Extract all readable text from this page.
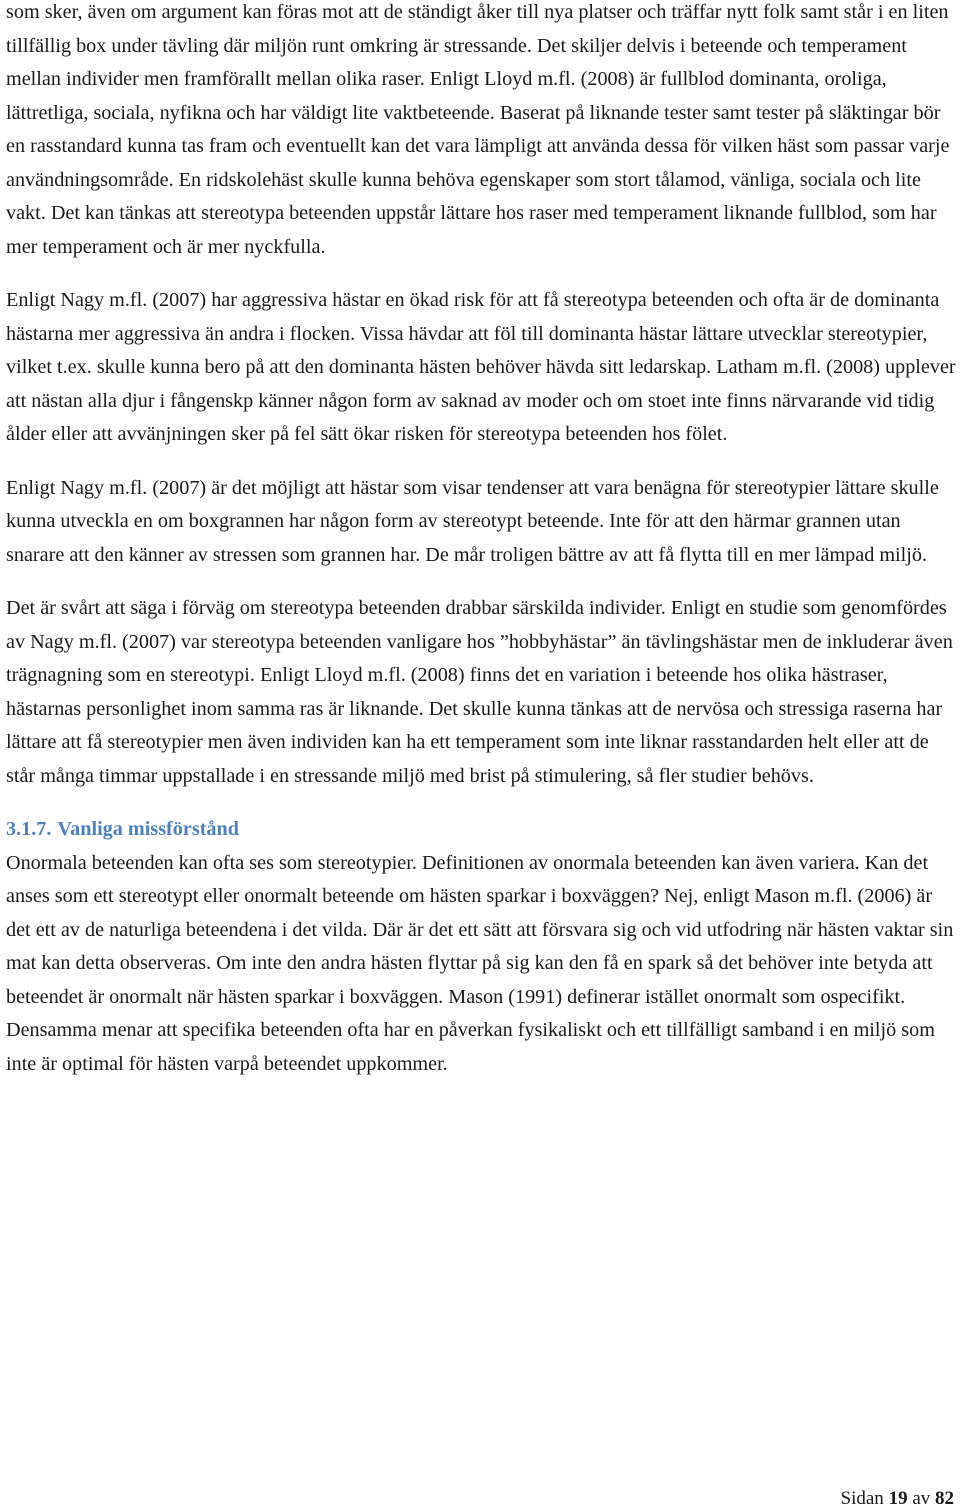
som sker, även om argument kan föras mot att de ständigt åker till nya platser och träffar nytt folk samt står i en liten tillfällig box under tävling där miljön runt omkring är stressande. Det skiljer delvis i beteende och temperament mellan individer men framförallt mellan olika raser. Enligt Lloyd m.fl. (2008) är fullblod dominanta, oroliga, lättretliga, sociala, nyfikna och har väldigt lite vaktbeteende. Baserat på liknande tester samt tester på släktingar bör en rasstandard kunna tas fram och eventuellt kan det vara lämpligt att använda dessa för vilken häst som passar varje användningsområde. En ridskolehäst skulle kunna behöva egenskaper som stort tålamod, vänliga, sociala och lite vakt. Det kan tänkas att stereotypa beteenden uppstår lättare hos raser med temperament liknande fullblod, som har mer temperament och är mer nyckfulla.

Enligt Nagy m.fl. (2007) har aggressiva hästar en ökad risk för att få stereotypa beteenden och ofta är de dominanta hästarna mer aggressiva än andra i flocken. Vissa hävdar att föl till dominanta hästar lättare utvecklar stereotypier, vilket t.ex. skulle kunna bero på att den dominanta hästen behöver hävda sitt ledarskap. Latham m.fl. (2008) upplever att nästan alla djur i fångenskp känner någon form av saknad av moder och om stoet inte finns närvarande vid tidig ålder eller att avvänjningen sker på fel sätt ökar risken för stereotypa beteenden hos fölet.

Enligt Nagy m.fl. (2007) är det möjligt att hästar som visar tendenser att vara benägna för stereotypier lättare skulle kunna utveckla en om boxgrannen har någon form av stereotypt beteende. Inte för att den härmar grannen utan snarare att den känner av stressen som grannen har. De mår troligen bättre av att få flytta till en mer lämpad miljö.

Det är svårt att säga i förväg om stereotypa beteenden drabbar särskilda individer. Enligt en studie som genomfördes av Nagy m.fl. (2007) var stereotypa beteenden vanligare hos ”hobbyhästar” än tävlingshästar men de inkluderar även trägnagning som en stereotypi. Enligt Lloyd m.fl. (2008) finns det en variation i beteende hos olika hästraser, hästarnas personlighet inom samma ras är liknande. Det skulle kunna tänkas att de nervösa och stressiga raserna har lättare att få stereotypier men även individen kan ha ett temperament som inte liknar rasstandarden helt eller att de står många timmar uppstallade i en stressande miljö med brist på stimulering, så fler studier behövs.

3.1.7. Vanliga missförstånd

Onormala beteenden kan ofta ses som stereotypier. Definitionen av onormala beteenden kan även variera. Kan det anses som ett stereotypt eller onormalt beteende om hästen sparkar i boxväggen? Nej, enligt Mason m.fl. (2006) är det ett av de naturliga beteendena i det vilda. Där är det ett sätt att försvara sig och vid utfodring när hästen vaktar sin mat kan detta observeras. Om inte den andra hästen flyttar på sig kan den få en spark så det behöver inte betyda att beteendet är onormalt när hästen sparkar i boxväggen. Mason (1991) definerar istället onormalt som ospecifikt. Densamma menar att specifika beteenden ofta har en påverkan fysikaliskt och ett tillfälligt samband i en miljö som inte är optimal för hästen varpå beteendet uppkommer.

Sidan 19 av 82
